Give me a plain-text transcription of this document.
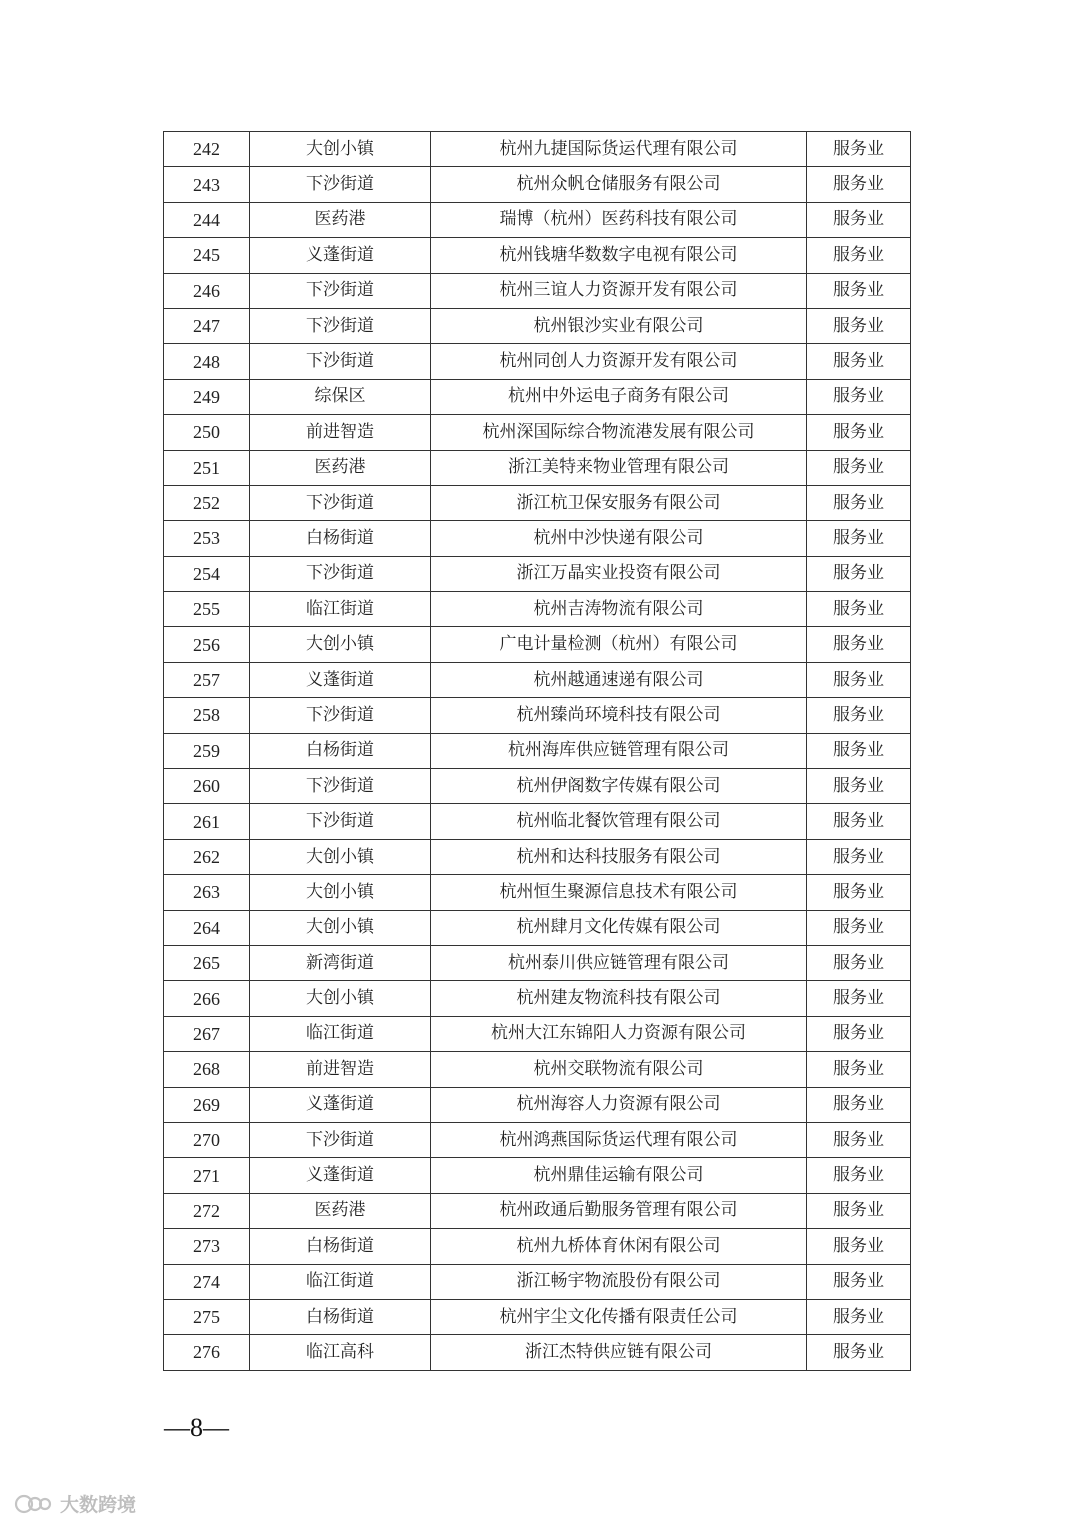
242	大创小镇	杭州九捷国际货运代理有限公司	服务业
243	下沙街道	杭州众帆仓储服务有限公司	服务业
244	医药港	瑞博（杭州）医药科技有限公司	服务业
245	义蓬街道	杭州钱塘华数数字电视有限公司	服务业
246	下沙街道	杭州三谊人力资源开发有限公司	服务业
247	下沙街道	杭州银沙实业有限公司	服务业
248	下沙街道	杭州同创人力资源开发有限公司	服务业
249	综保区	杭州中外运电子商务有限公司	服务业
250	前进智造	杭州深国际综合物流港发展有限公司	服务业
251	医药港	浙江美特来物业管理有限公司	服务业
252	下沙街道	浙江杭卫保安服务有限公司	服务业
253	白杨街道	杭州中沙快递有限公司	服务业
254	下沙街道	浙江万晶实业投资有限公司	服务业
255	临江街道	杭州吉涛物流有限公司	服务业
256	大创小镇	广电计量检测（杭州）有限公司	服务业
257	义蓬街道	杭州越通速递有限公司	服务业
258	下沙街道	杭州臻尚环境科技有限公司	服务业
259	白杨街道	杭州海库供应链管理有限公司	服务业
260	下沙街道	杭州伊阁数字传媒有限公司	服务业
261	下沙街道	杭州临北餐饮管理有限公司	服务业
262	大创小镇	杭州和达科技服务有限公司	服务业
263	大创小镇	杭州恒生聚源信息技术有限公司	服务业
264	大创小镇	杭州肆月文化传媒有限公司	服务业
265	新湾街道	杭州泰川供应链管理有限公司	服务业
266	大创小镇	杭州建友物流科技有限公司	服务业
267	临江街道	杭州大江东锦阳人力资源有限公司	服务业
268	前进智造	杭州交联物流有限公司	服务业
269	义蓬街道	杭州海容人力资源有限公司	服务业
270	下沙街道	杭州鸿燕国际货运代理有限公司	服务业
271	义蓬街道	杭州鼎佳运输有限公司	服务业
272	医药港	杭州政通后勤服务管理有限公司	服务业
273	白杨街道	杭州九桥体育休闲有限公司	服务业
274	临江街道	浙江畅宇物流股份有限公司	服务业
275	白杨街道	杭州宇尘文化传播有限责任公司	服务业
276	临江高科	浙江杰特供应链有限公司	服务业
—8—
大数跨境
